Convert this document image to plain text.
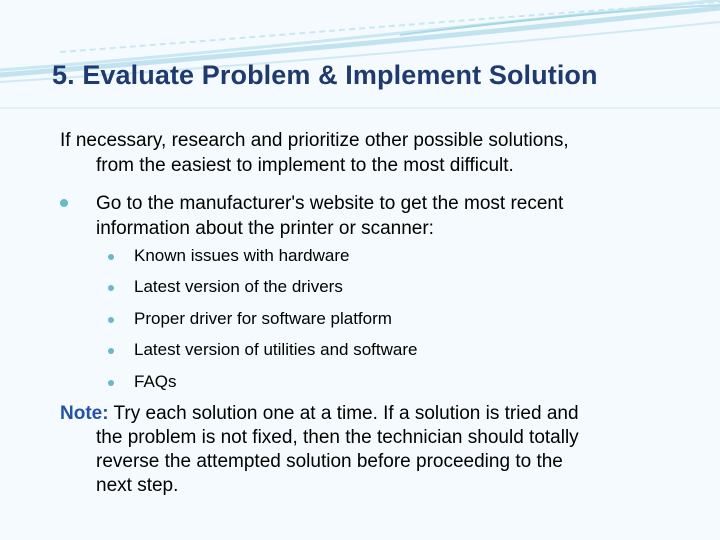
5. Evaluate Problem & Implement Solution
If necessary, research and prioritize other possible solutions,
from the easiest to implement to the most difficult.
Go to the manufacturer's website to get the most recent
information about the printer or scanner:
Known issues with hardware
Latest version of the drivers
Proper driver for software platform
Latest version of utilities and software
FAQs
Note: Try each solution one at a time. If a solution is tried and
the problem is not fixed, then the technician should totally
reverse the attempted solution before proceeding to the
next step.
